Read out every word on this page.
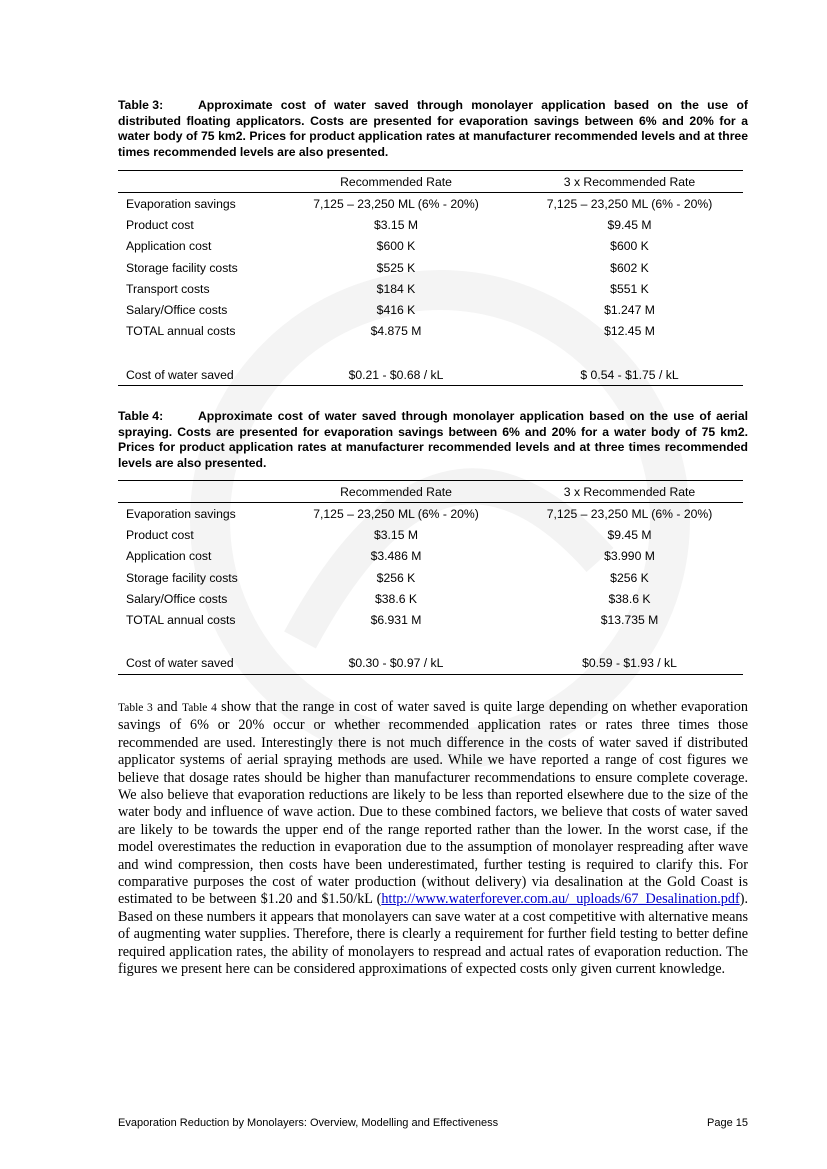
Table 3:	Approximate cost of water saved through monolayer application based on the use of distributed floating applicators. Costs are presented for evaporation savings between 6% and 20% for a water body of 75 km2. Prices for product application rates at manufacturer recommended levels and at three times recommended levels are also presented.
	Recommended Rate	3 x Recommended Rate
Evaporation savings	7,125 – 23,250 ML (6% - 20%)	7,125 – 23,250 ML (6% - 20%)
Product cost	$3.15 M	$9.45 M
Application cost	$600 K	$600 K
Storage facility costs	$525 K	$602 K
Transport costs	$184 K	$551 K
Salary/Office costs	$416 K	$1.247 M
TOTAL annual costs	$4.875 M	$12.45 M

Cost of water saved	$0.21 - $0.68 / kL	$ 0.54 - $1.75 / kL
Table 4:	Approximate cost of water saved through monolayer application based on the use of aerial spraying. Costs are presented for evaporation savings between 6% and 20% for a water body of 75 km2. Prices for product application rates at manufacturer recommended levels and at three times recommended levels are also presented.
	Recommended Rate	3 x Recommended Rate
Evaporation savings	7,125 – 23,250 ML (6% - 20%)	7,125 – 23,250 ML (6% - 20%)
Product cost	$3.15 M	$9.45 M
Application cost	$3.486 M	$3.990 M
Storage facility costs	$256 K	$256 K
Salary/Office costs	$38.6 K	$38.6 K
TOTAL annual costs	$6.931 M	$13.735 M

Cost of water saved	$0.30 - $0.97 / kL	$0.59 - $1.93 / kL

Table 3 and Table 4 show that the range in cost of water saved is quite large depending on whether evaporation savings of 6% or 20% occur or whether recommended application rates or rates three times those recommended are used. Interestingly there is not much difference in the costs of water saved if distributed applicator systems of aerial spraying methods are used. While we have reported a range of cost figures we believe that dosage rates should be higher than manufacturer recommendations to ensure complete coverage. We also believe that evaporation reductions are likely to be less than reported elsewhere due to the size of the water body and influence of wave action. Due to these combined factors, we believe that costs of water saved are likely to be towards the upper end of the range reported rather than the lower. In the worst case, if the model overestimates the reduction in evaporation due to the assumption of monolayer respreading after wave and wind compression, then costs have been underestimated, further testing is required to clarify this. For comparative purposes the cost of water production (without delivery) via desalination at the Gold Coast is estimated to be between $1.20 and $1.50/kL (http://www.waterforever.com.au/_uploads/67_Desalination.pdf). Based on these numbers it appears that monolayers can save water at a cost competitive with alternative means of augmenting water supplies. Therefore, there is clearly a requirement for further field testing to better define required application rates, the ability of monolayers to respread and actual rates of evaporation reduction. The figures we present here can be considered approximations of expected costs only given current knowledge.

Evaporation Reduction by Monolayers: Overview, Modelling and Effectiveness	Page 15
